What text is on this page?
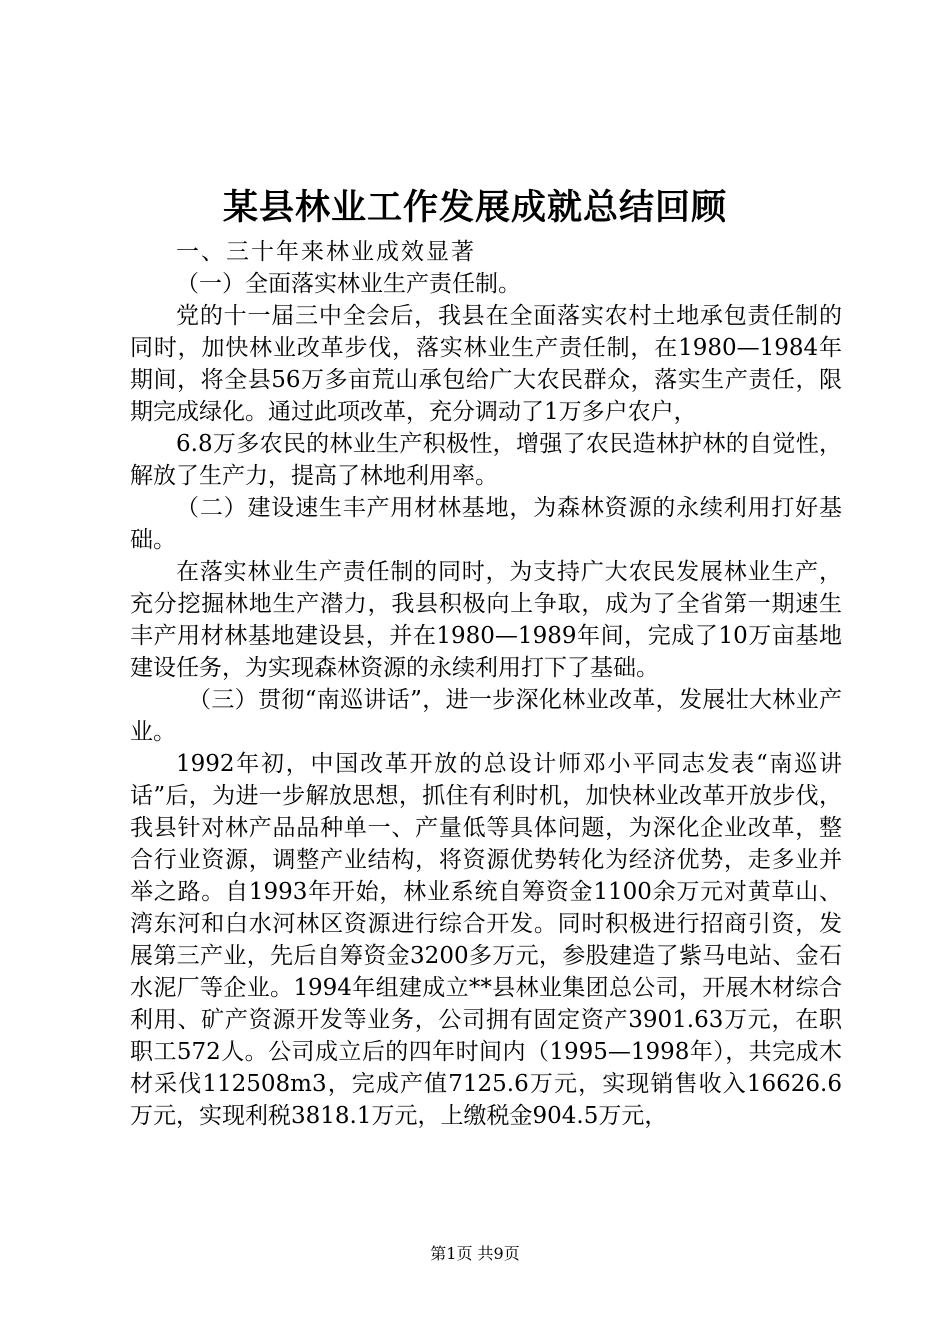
某县林业工作发展成就总结回顾

一、三十年来林业成效显著

（一）全面落实林业生产责任制。

党的十一届三中全会后，我县在全面落实农村土地承包责任制的同时，加快林业改革步伐，落实林业生产责任制，在1980—1984年期间，将全县56万多亩荒山承包给广大农民群众，落实生产责任，限期完成绿化。通过此项改革，充分调动了1万多户农户，

6.8万多农民的林业生产积极性，增强了农民造林护林的自觉性，解放了生产力，提高了林地利用率。

（二）建设速生丰产用材林基地，为森林资源的永续利用打好基础。

在落实林业生产责任制的同时，为支持广大农民发展林业生产，充分挖掘林地生产潜力，我县积极向上争取，成为了全省第一期速生丰产用材林基地建设县，并在1980—1989年间，完成了10万亩基地建设任务，为实现森林资源的永续利用打下了基础。

（三）贯彻“南巡讲话”，进一步深化林业改革，发展壮大林业产业。

1992年初，中国改革开放的总设计师邓小平同志发表“南巡讲话”后，为进一步解放思想，抓住有利时机，加快林业改革开放步伐，我县针对林产品品种单一、产量低等具体问题，为深化企业改革，整合行业资源，调整产业结构，将资源优势转化为经济优势，走多业并举之路。自1993年开始，林业系统自筹资金1100余万元对黄草山、湾东河和白水河林区资源进行综合开发。同时积极进行招商引资，发展第三产业，先后自筹资金3200多万元，参股建造了紫马电站、金石水泥厂等企业。1994年组建成立**县林业集团总公司，开展木材综合利用、矿产资源开发等业务，公司拥有固定资产3901.63万元，在职职工572人。公司成立后的四年时间内（1995—1998年），共完成木材采伐112508m3，完成产值7125.6万元，实现销售收入16626.6万元，实现利税3818.1万元，上缴税金904.5万元，

第1页 共9页
